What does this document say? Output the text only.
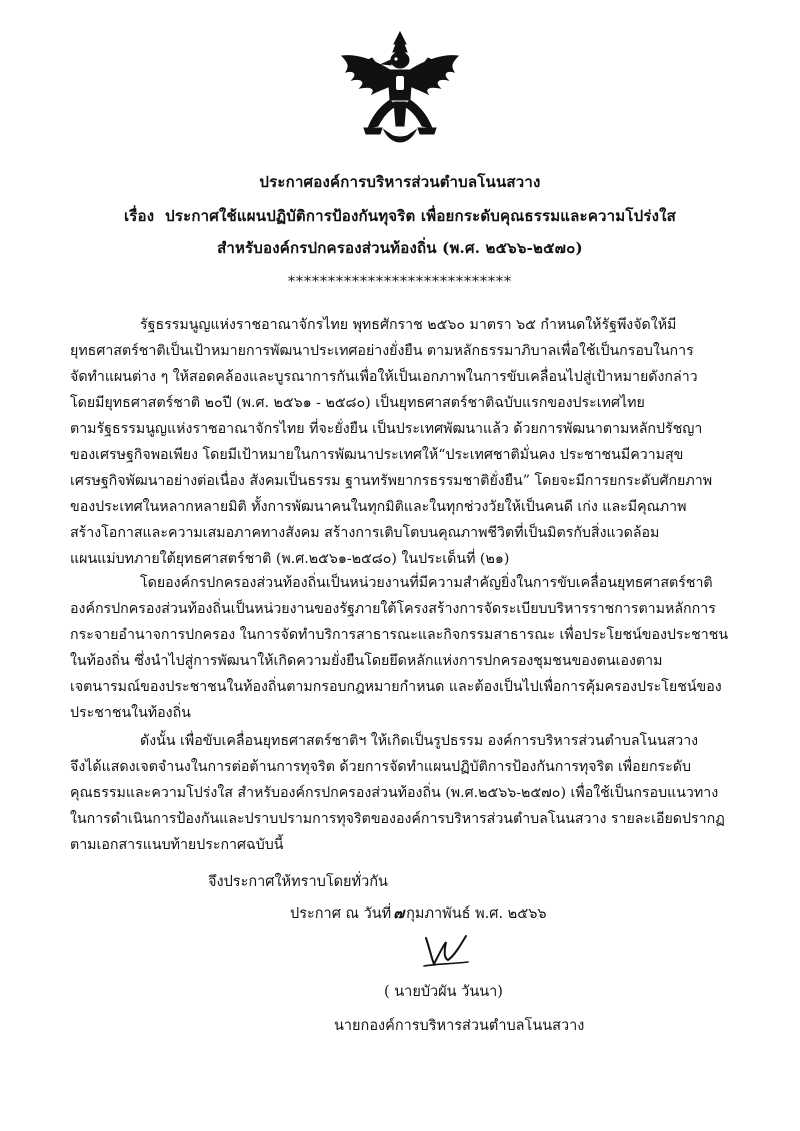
ประกาศองค์การบริหารส่วนตำบลโนนสวาง
เรื่อง ประกาศใช้แผนปฏิบัติการป้องกันทุจริต เพื่อยกระดับคุณธรรมและความโปร่งใส
สำหรับองค์กรปกครองส่วนท้องถิ่น (พ.ศ. ๒๕๖๖-๒๕๗๐)
****************************
รัฐธรรมนูญแห่งราชอาณาจักรไทย พุทธศักราช ๒๕๖๐ มาตรา ๖๕ กำหนดให้รัฐพึงจัดให้มี
ยุทธศาสตร์ชาติเป็นเป้าหมายการพัฒนาประเทศอย่างยั่งยืน ตามหลักธรรมาภิบาลเพื่อใช้เป็นกรอบในการ
จัดทำแผนต่าง ๆ ให้สอดคล้องและบูรณาการกันเพื่อให้เป็นเอกภาพในการขับเคลื่อนไปสู่เป้าหมายดังกล่าว
โดยมียุทธศาสตร์ชาติ ๒๐ปี (พ.ศ. ๒๕๖๑ - ๒๕๘๐) เป็นยุทธศาสตร์ชาติฉบับแรกของประเทศไทย
ตามรัฐธรรมนูญแห่งราชอาณาจักรไทย ที่จะยั่งยืน เป็นประเทศพัฒนาแล้ว ด้วยการพัฒนาตามหลักปรัชญา
ของเศรษฐกิจพอเพียง โดยมีเป้าหมายในการพัฒนาประเทศให้“ประเทศชาติมั่นคง ประชาชนมีความสุข
เศรษฐกิจพัฒนาอย่างต่อเนื่อง สังคมเป็นธรรม ฐานทรัพยากรธรรมชาติยั่งยืน” โดยจะมีการยกระดับศักยภาพ
ของประเทศในหลากหลายมิติ ทั้งการพัฒนาคนในทุกมิติและในทุกช่วงวัยให้เป็นคนดี เก่ง และมีคุณภาพ
สร้างโอกาสและความเสมอภาคทางสังคม สร้างการเติบโตบนคุณภาพชีวิตที่เป็นมิตรกับสิ่งแวดล้อม
แผนแม่บทภายใต้ยุทธศาสตร์ชาติ (พ.ศ.๒๕๖๑-๒๕๘๐) ในประเด็นที่ (๒๑)
โดยองค์กรปกครองส่วนท้องถิ่นเป็นหน่วยงานที่มีความสำคัญยิ่งในการขับเคลื่อนยุทธศาสตร์ชาติ
องค์กรปกครองส่วนท้องถิ่นเป็นหน่วยงานของรัฐภายใต้โครงสร้างการจัดระเบียบบริหารราชการตามหลักการ
กระจายอำนาจการปกครอง ในการจัดทำบริการสาธารณะและกิจกรรมสาธารณะ เพื่อประโยชน์ของประชาชน
ในท้องถิ่น ซึ่งนำไปสู่การพัฒนาให้เกิดความยั่งยืนโดยยึดหลักแห่งการปกครองชุมชนของตนเองตาม
เจตนารมณ์ของประชาชนในท้องถิ่นตามกรอบกฎหมายกำหนด และต้องเป็นไปเพื่อการคุ้มครองประโยชน์ของ
ประชาชนในท้องถิ่น
ดังนั้น เพื่อขับเคลื่อนยุทธศาสตร์ชาติฯ ให้เกิดเป็นรูปธรรม องค์การบริหารส่วนตำบลโนนสวาง
จึงได้แสดงเจตจำนงในการต่อต้านการทุจริต ด้วยการจัดทำแผนปฏิบัติการป้องกันการทุจริต เพื่อยกระดับ
คุณธรรมและความโปร่งใส สำหรับองค์กรปกครองส่วนท้องถิ่น (พ.ศ.๒๕๖๖-๒๕๗๐) เพื่อใช้เป็นกรอบแนวทาง
ในการดำเนินการป้องกันและปราบปรามการทุจริตขององค์การบริหารส่วนตำบลโนนสวาง รายละเอียดปรากฏ
ตามเอกสารแนบท้ายประกาศฉบับนี้
จึงประกาศให้ทราบโดยทั่วกัน
ประกาศ ณ วันที่ ๗ กุมภาพันธ์ พ.ศ. ๒๕๖๖
( นายบัวผัน วันนา)
นายกองค์การบริหารส่วนตำบลโนนสวาง
